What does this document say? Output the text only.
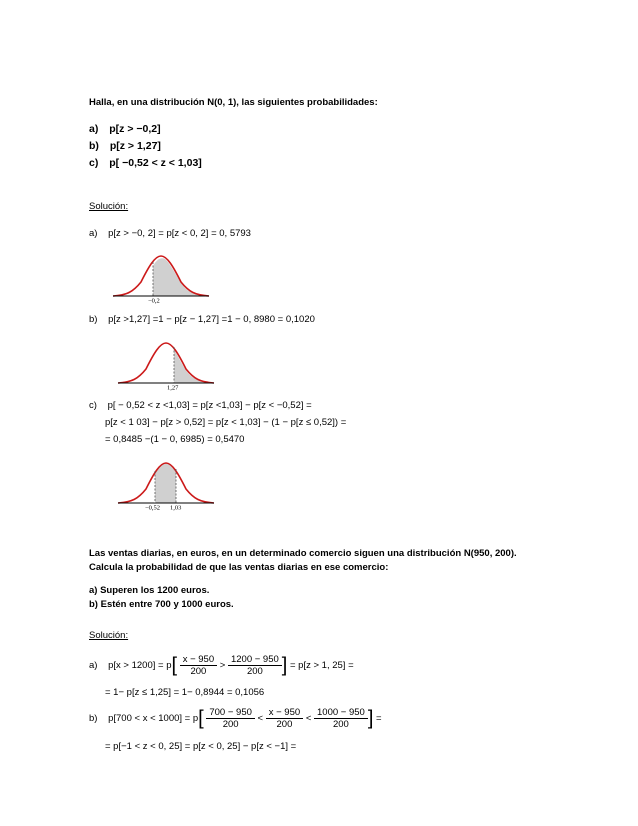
Halla, en una distribución N(0, 1), las siguientes probabilidades:
a) p[z > −0,2]
b) p[z > 1,27]
c) p[ −0,52 < z < 1,03]
Solución:
a) p[z > −0, 2] = p[z < 0, 2] = 0, 5793
−0,2
b) p[z >1,27] =1 − p[z − 1,27] =1 − 0, 8980 = 0,1020
1,27
c) p[ − 0,52 < z <1,03] = p[z <1,03] − p[z < −0,52] =
p[z < 1 03] − p[z > 0,52] = p[z < 1,03] − (1 − p[z ≤ 0,52]) =
= 0,8485 −(1 − 0, 6985) = 0,5470
−0,52 1,03
Las ventas diarias, en euros, en un determinado comercio siguen una distribución N(950, 200).
Calcula la probabilidad de que las ventas diarias en ese comercio:
a) Superen los 1200 euros.
b) Estén entre 700 y 1000 euros.
Solución:
a) $p[x > 1200] = p[ \frac{x - 950}{200} > \frac{1200 - 950}{200}$ ] = p[z > 1, 25] =
= 1− p[z ≤ 1,25] = 1− 0,8944 = 0,1056
b) $p[700 < x < 1000] = p[ \frac{700 - 950}{200} < \frac{x - 950}{200} < \frac{1000 - 950}{200}$ ] =
= p[−1 < z < 0, 25] = p[z < 0, 25] − p[z < −1] =
